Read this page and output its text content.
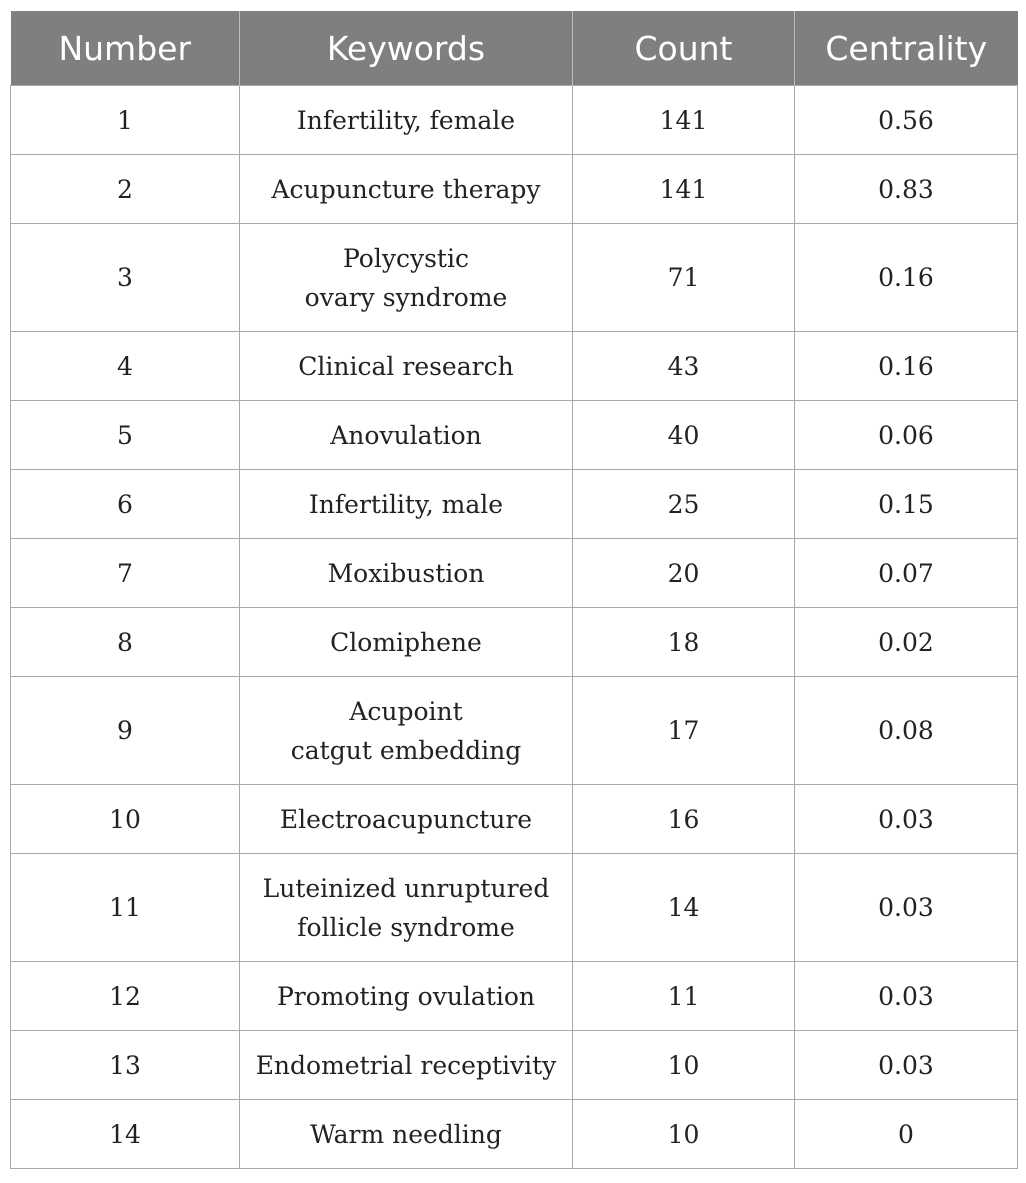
Number	Keywords	Count	Centrality
1	Infertility, female	141	0.56
2	Acupuncture therapy	141	0.83
3	Polycystic
ovary syndrome	71	0.16
4	Clinical research	43	0.16
5	Anovulation	40	0.06
6	Infertility, male	25	0.15
7	Moxibustion	20	0.07
8	Clomiphene	18	0.02
9	Acupoint
catgut embedding	17	0.08
10	Electroacupuncture	16	0.03
11	Luteinized unruptured
follicle syndrome	14	0.03
12	Promoting ovulation	11	0.03
13	Endometrial receptivity	10	0.03
14	Warm needling	10	0
